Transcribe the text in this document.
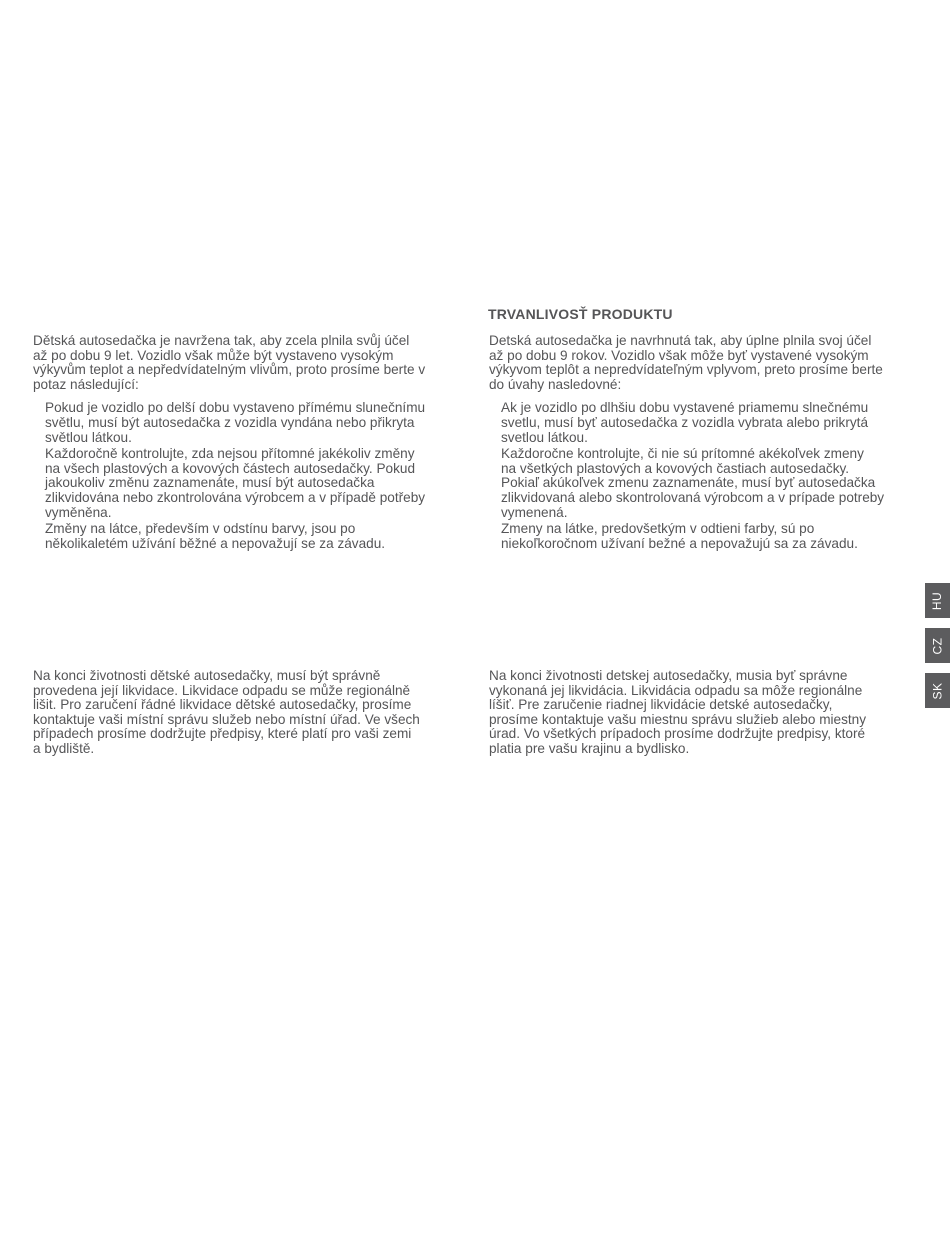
Dětská autosedačka je navržena tak, aby zcela plnila svůj účel
až po dobu 9 let. Vozidlo však může být vystaveno vysokým
výkyvům teplot a nepředvídatelným vlivům, proto prosíme berte v
potaz následující:

Pokud je vozidlo po delší dobu vystaveno přímému slunečnímu
světlu, musí být autosedačka z vozidla vyndána nebo přikryta
světlou látkou.
Každoročně kontrolujte, zda nejsou přítomné jakékoliv změny
na všech plastových a kovových částech autosedačky. Pokud
jakoukoliv změnu zaznamenáte, musí být autosedačka
zlikvidována nebo zkontrolována výrobcem a v případě potřeby
vyměněna.
Změny na látce, především v odstínu barvy, jsou po
několikaletém užívání běžné a nepovažují se za závadu.
TRVANLIVOSŤ PRODUKTU

Detská autosedačka je navrhnutá tak, aby úplne plnila svoj účel
až po dobu 9 rokov. Vozidlo však môže byť vystavené vysokým
výkyvom teplôt a nepredvídateľným vplyvom, preto prosíme berte
do úvahy nasledovné:

Ak je vozidlo po dlhšiu dobu vystavené priamemu slnečnému
svetlu, musí byť autosedačka z vozidla vybrata alebo prikrytá
svetlou látkou.
Každoročne kontrolujte, či nie sú prítomné akékoľvek zmeny
na všetkých plastových a kovových častiach autosedačky.
Pokiaľ akúkoľvek zmenu zaznamenáte, musí byť autosedačka
zlikvidovaná alebo skontrolovaná výrobcom a v prípade potreby
vymenená.
Zmeny na látke, predovšetkým v odtieni farby, sú po
niekoľkoročnom užívaní bežné a nepovažujú sa za závadu.

Na konci životnosti dětské autosedačky, musí být správně
provedena její likvidace. Likvidace odpadu se může regionálně
lišit. Pro zaručení řádné likvidace dětské autosedačky, prosíme
kontaktuje vaši místní správu služeb nebo místní úřad. Ve všech
případech prosíme dodržujte předpisy, které platí pro vaši zemi
a bydliště.

Na konci životnosti detskej autosedačky, musia byť správne
vykonaná jej likvidácia. Likvidácia odpadu sa môže regionálne
líšiť. Pre zaručenie riadnej likvidácie detské autosedačky,
prosíme kontaktuje vašu miestnu správu služieb alebo miestny
úrad. Vo všetkých prípadoch prosíme dodržujte predpisy, ktoré
platia pre vašu krajinu a bydlisko.

HU
CZ
SK
